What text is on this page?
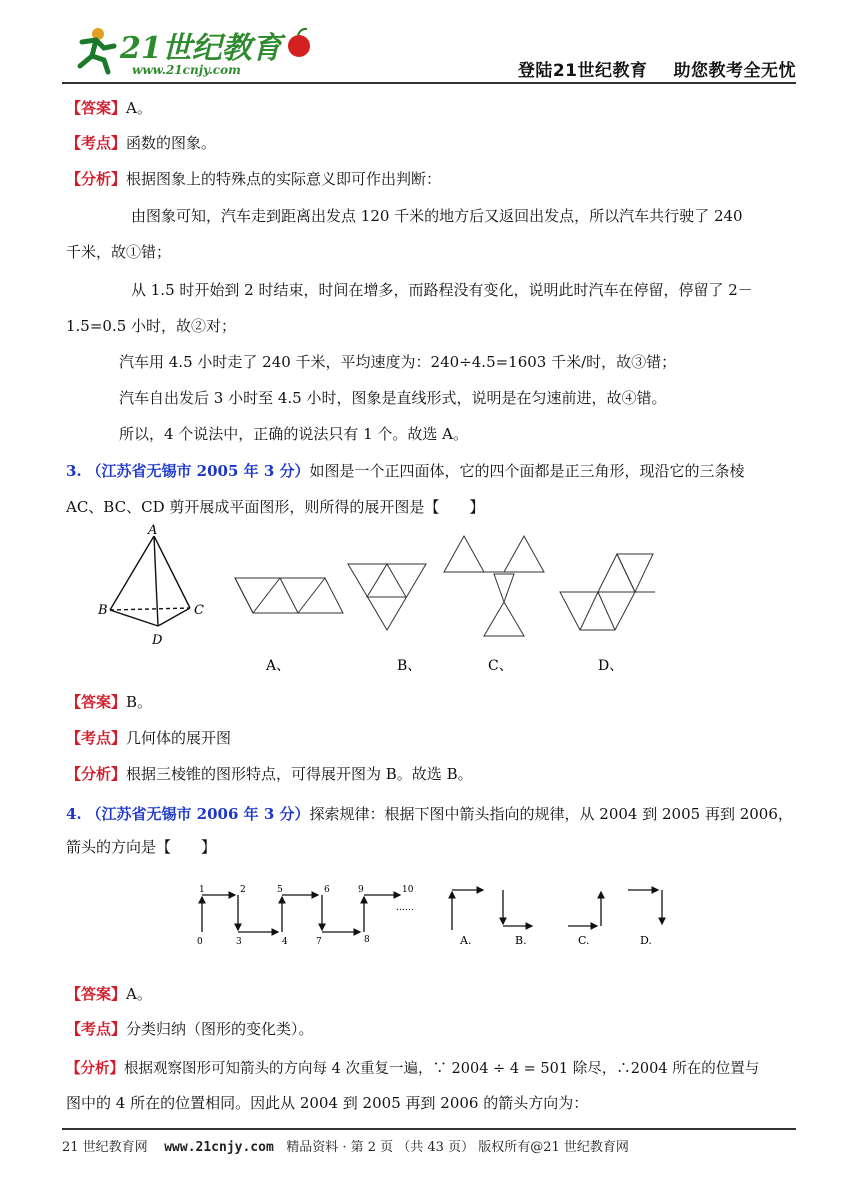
21世纪教育
www.21cnjy.com	登陆21世纪教育 助您教考全无忧
【答案】A。
【考点】函数的图象。
【分析】根据图象上的特殊点的实际意义即可作出判断：
由图象可知，汽车走到距离出发点 120 千米的地方后又返回出发点，所以汽车共行驶了 240
千米，故①错；
从 1.5 时开始到 2 时结束，时间在增多，而路程没有变化，说明此时汽车在停留，停留了 2－
1.5=0.5 小时，故②对；
汽车用 4.5 小时走了 240 千米，平均速度为：240÷4.5=1603 千米/时，故③错；
汽车自出发后 3 小时至 4.5 小时，图象是直线形式，说明是在匀速前进，故④错。
所以，4 个说法中，正确的说法只有 1 个。故选 A。
3. （江苏省无锡市 2005 年 3 分）如图是一个正四面体，它的四个面都是正三角形，现沿它的三条棱
AC、BC、CD 剪开展成平面图形，则所得的展开图是【　　】
A
B	C
D
A、	B、	C、	D、
【答案】B。
【考点】几何体的展开图
【分析】根据三棱锥的图形特点，可得展开图为 B。故选 B。
4. （江苏省无锡市 2006 年 3 分）探索规律：根据下图中箭头指向的规律，从 2004 到 2005 再到 2006，
箭头的方向是【　　】
0
1	2
3	4
5	6
7	8
9	10
……
A.	B.	C.	D.
【答案】A。
【考点】分类归纳（图形的变化类）。
【分析】根据观察图形可知箭头的方向每 4 次重复一遍，∵ 2004 ÷ 4 = 501 除尽，∴2004 所在的位置与
图中的 4 所在的位置相同。因此从 2004 到 2005 再到 2006 的箭头方向为：
21 世纪教育网 www.21cnjy.com 精品资料 · 第 2 页 （共 43 页） 版权所有@21 世纪教育网
